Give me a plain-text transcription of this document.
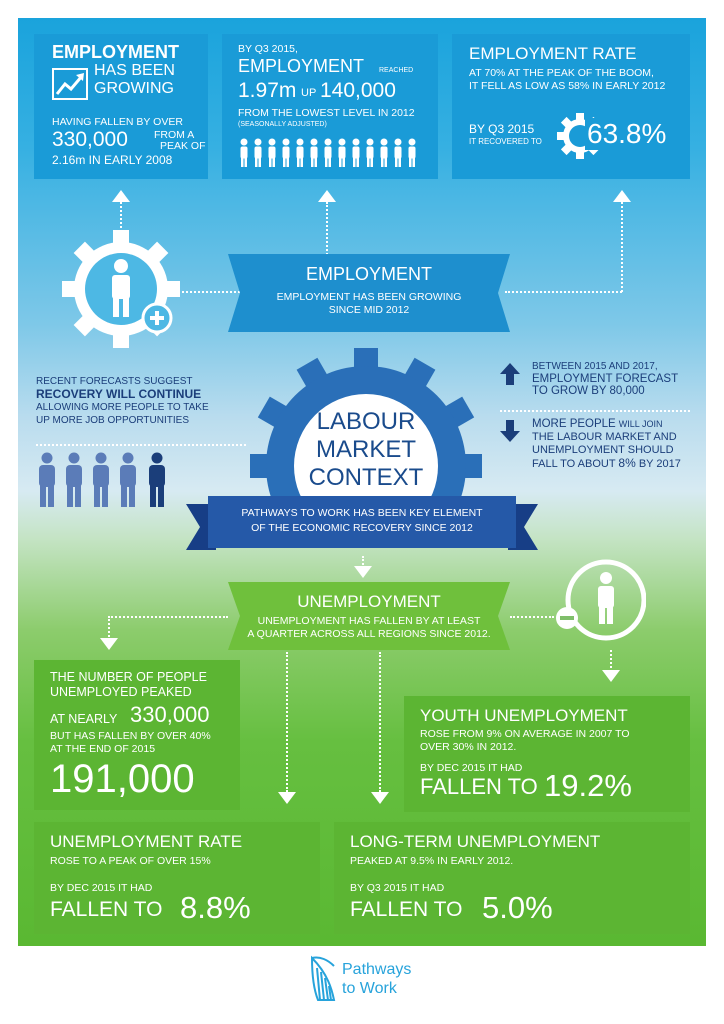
EMPLOYMENT
HAS BEEN
GROWING
HAVING FALLEN BY OVER
330,000 FROM A
PEAK OF
2.16m IN EARLY 2008
BY Q3 2015,
EMPLOYMENT REACHED
1.97m UP 140,000
FROM THE LOWEST LEVEL IN 2012
(SEASONALLY ADJUSTED)
EMPLOYMENT RATE
AT 70% AT THE PEAK OF THE BOOM,
IT FELL AS LOW AS 58% IN EARLY 2012
BY Q3 2015
IT RECOVERED TO 63.8%
EMPLOYMENT
EMPLOYMENT HAS BEEN GROWING
SINCE MID 2012
RECENT FORECASTS SUGGEST
RECOVERY WILL CONTINUE
ALLOWING MORE PEOPLE TO TAKE
UP MORE JOB OPPORTUNITIES
BETWEEN 2015 AND 2017,
EMPLOYMENT FORECAST
TO GROW BY 80,000
MORE PEOPLE WILL JOIN
THE LABOUR MARKET AND
UNEMPLOYMENT SHOULD
FALL TO ABOUT 8% BY 2017
LABOUR
MARKET
CONTEXT
PATHWAYS TO WORK HAS BEEN KEY ELEMENT
OF THE ECONOMIC RECOVERY SINCE 2012
UNEMPLOYMENT
UNEMPLOYMENT HAS FALLEN BY AT LEAST
A QUARTER ACROSS ALL REGIONS SINCE 2012.
THE NUMBER OF PEOPLE
UNEMPLOYED PEAKED
AT NEARLY 330,000
BUT HAS FALLEN BY OVER 40%
AT THE END OF 2015
191,000
YOUTH UNEMPLOYMENT
ROSE FROM 9% ON AVERAGE IN 2007 TO
OVER 30% IN 2012.
BY DEC 2015 IT HAD
FALLEN TO 19.2%
UNEMPLOYMENT RATE
ROSE TO A PEAK OF OVER 15%
BY DEC 2015 IT HAD
FALLEN TO 8.8%
LONG-TERM UNEMPLOYMENT
PEAKED AT 9.5% IN EARLY 2012.
BY Q3 2015 IT HAD
FALLEN TO 5.0%
Pathways
to Work
